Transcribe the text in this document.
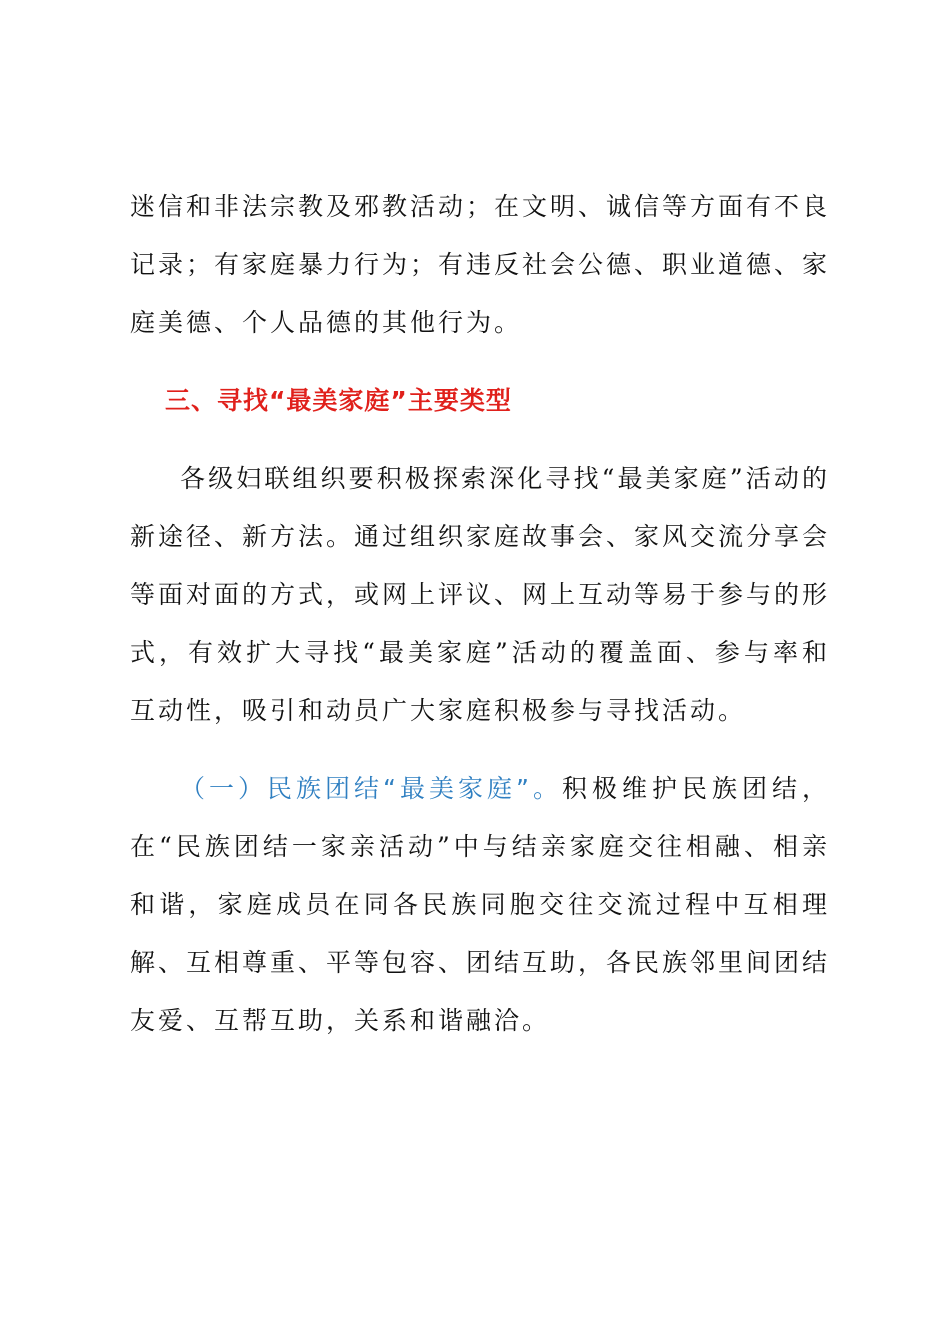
迷信和非法宗教及邪教活动；在文明、诚信等方面有不良记录；有家庭暴力行为；有违反社会公德、职业道德、家庭美德、个人品德的其他行为。

三、寻找“最美家庭”主要类型

各级妇联组织要积极探索深化寻找“最美家庭”活动的新途径、新方法。通过组织家庭故事会、家风交流分享会等面对面的方式，或网上评议、网上互动等易于参与的形式，有效扩大寻找“最美家庭”活动的覆盖面、参与率和互动性，吸引和动员广大家庭积极参与寻找活动。

（一）民族团结“最美家庭”。积极维护民族团结，在“民族团结一家亲活动”中与结亲家庭交往相融、相亲和谐，家庭成员在同各民族同胞交往交流过程中互相理解、互相尊重、平等包容、团结互助，各民族邻里间团结友爱、互帮互助，关系和谐融洽。
